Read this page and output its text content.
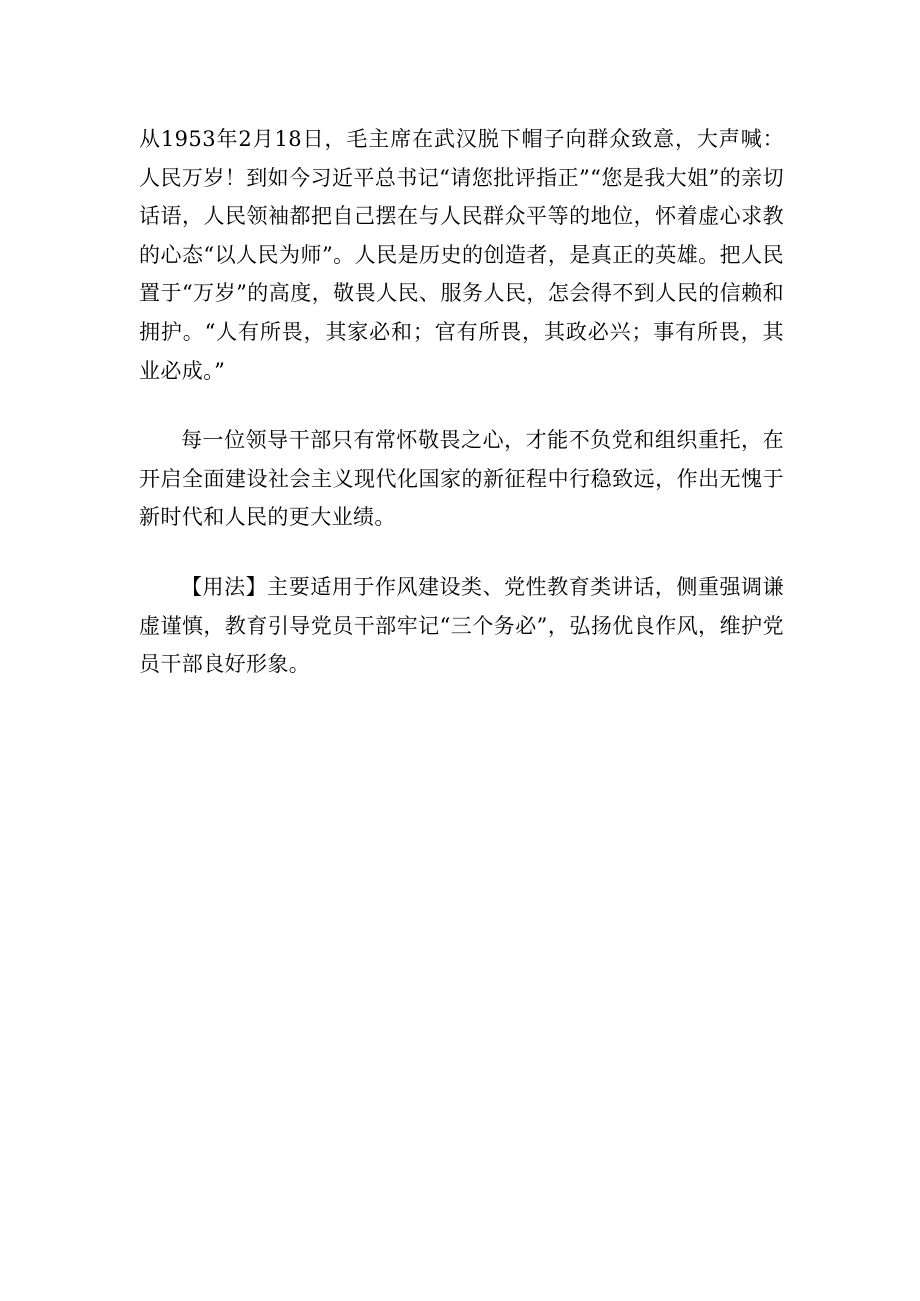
从1953年2月18日，毛主席在武汉脱下帽子向群众致意，大声喊：人民万岁！到如今习近平总书记“请您批评指正”“您是我大姐”的亲切话语，人民领袖都把自己摆在与人民群众平等的地位，怀着虚心求教的心态“以人民为师”。人民是历史的创造者，是真正的英雄。把人民置于“万岁”的高度，敬畏人民、服务人民，怎会得不到人民的信赖和拥护。“人有所畏，其家必和；官有所畏，其政必兴；事有所畏，其业必成。”

每一位领导干部只有常怀敬畏之心，才能不负党和组织重托，在开启全面建设社会主义现代化国家的新征程中行稳致远，作出无愧于新时代和人民的更大业绩。

【用法】主要适用于作风建设类、党性教育类讲话，侧重强调谦虚谨慎，教育引导党员干部牢记“三个务必”，弘扬优良作风，维护党员干部良好形象。
